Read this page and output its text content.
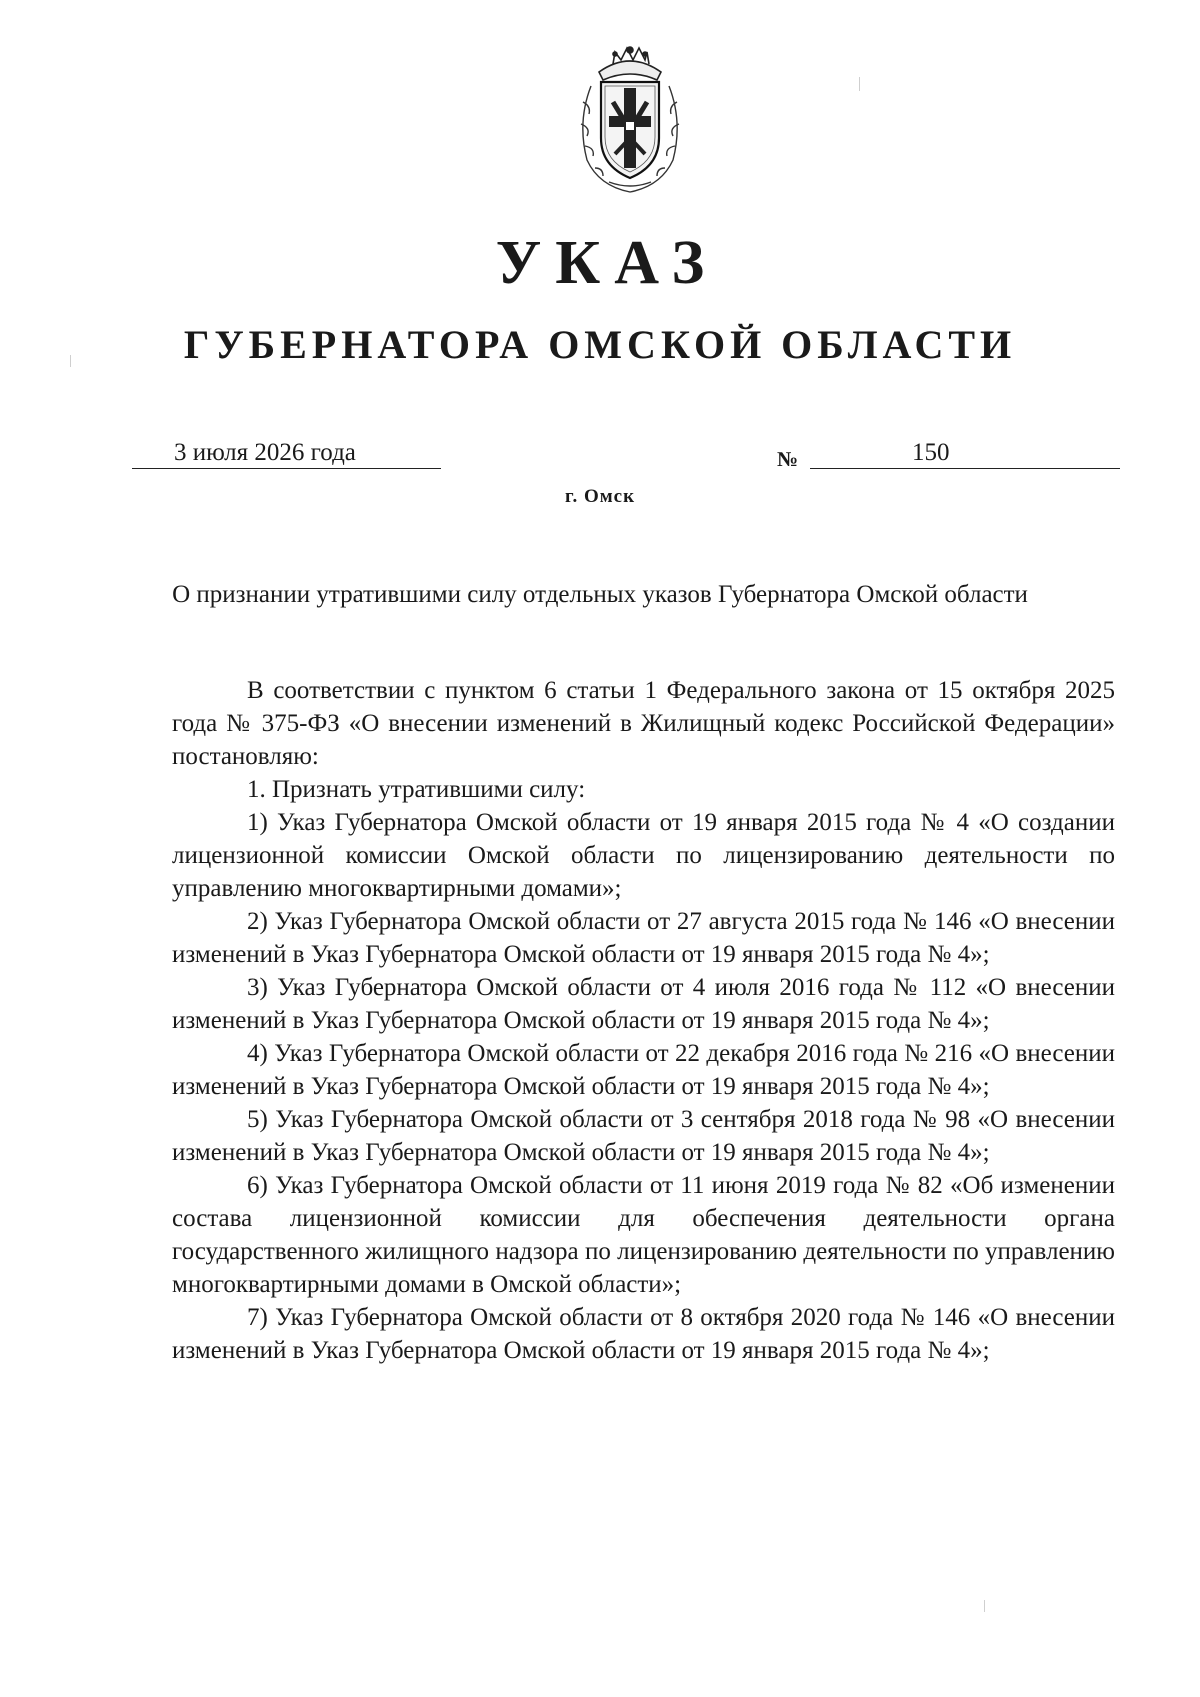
УКАЗ
ГУБЕРНАТОРА ОМСКОЙ ОБЛАСТИ
3 июля 2026 года	№	150
г. Омск

О признании утратившими силу отдельных указов Губернатора Омской области

В соответствии с пунктом 6 статьи 1 Федерального закона от 15 октября 2025 года № 375-ФЗ «О внесении изменений в Жилищный кодекс Российской Федерации» постановляю:

1. Признать утратившими силу:

1) Указ Губернатора Омской области от 19 января 2015 года № 4 «О создании лицензионной комиссии Омской области по лицензированию деятельности по управлению многоквартирными домами»;

2) Указ Губернатора Омской области от 27 августа 2015 года № 146 «О внесении изменений в Указ Губернатора Омской области от 19 января 2015 года № 4»;

3) Указ Губернатора Омской области от 4 июля 2016 года № 112 «О внесении изменений в Указ Губернатора Омской области от 19 января 2015 года № 4»;

4) Указ Губернатора Омской области от 22 декабря 2016 года № 216 «О внесении изменений в Указ Губернатора Омской области от 19 января 2015 года № 4»;

5) Указ Губернатора Омской области от 3 сентября 2018 года № 98 «О внесении изменений в Указ Губернатора Омской области от 19 января 2015 года № 4»;

6) Указ Губернатора Омской области от 11 июня 2019 года № 82 «Об изменении состава лицензионной комиссии для обеспечения деятельности органа государственного жилищного надзора по лицензированию деятельности по управлению многоквартирными домами в Омской области»;

7) Указ Губернатора Омской области от 8 октября 2020 года № 146 «О внесении изменений в Указ Губернатора Омской области от 19 января 2015 года № 4»;
